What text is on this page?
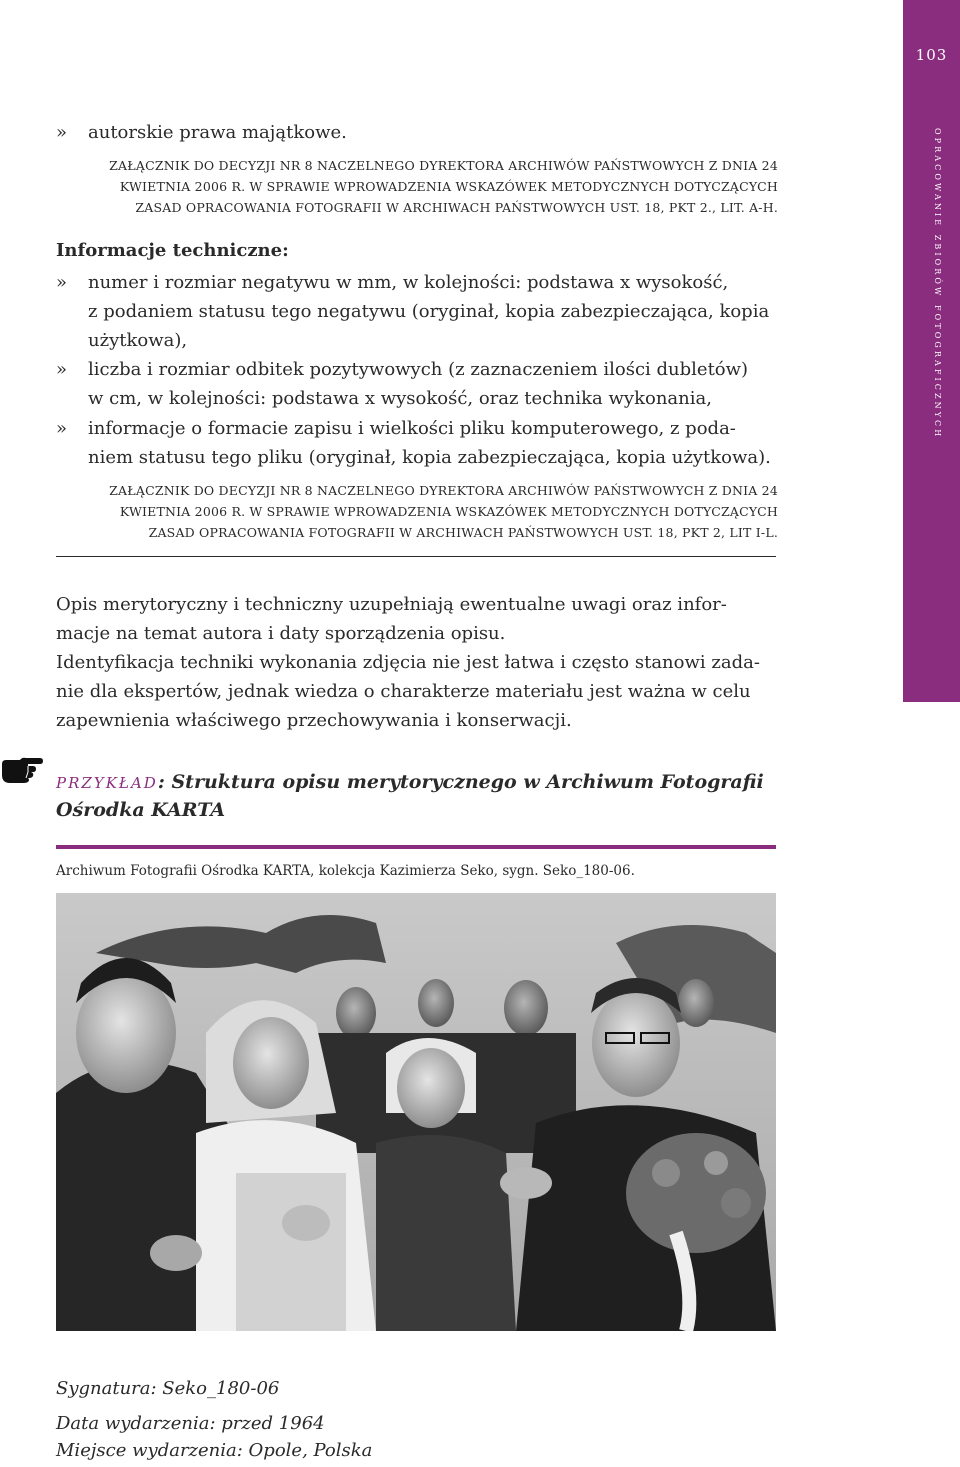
103
opracowanie zbiorów fotograficznych
» autorskie prawa majątkowe.
ZAŁĄCZNIK DO DECYZJI NR 8 NACZELNEGO DYREKTORA ARCHIWÓW PAŃSTWOWYCH Z DNIA 24
KWIETNIA 2006 R. W SPRAWIE WPROWADZENIA WSKAZÓWEK METODYCZNYCH DOTYCZĄCYCH
ZASAD OPRACOWANIA FOTOGRAFII W ARCHIWACH PAŃSTWOWYCH UST. 18, PKT 2., LIT. A-H.
Informacje techniczne:
» numer i rozmiar negatywu w mm, w kolejności: podstawa x wysokość,
z podaniem statusu tego negatywu (oryginał, kopia zabezpieczająca, kopia
użytkowa),
» liczba i rozmiar odbitek pozytywowych (z zaznaczeniem ilości dubletów)
w cm, w kolejności: podstawa x wysokość, oraz technika wykonania,
» informacje o formacie zapisu i wielkości pliku komputerowego, z poda-
niem statusu tego pliku (oryginał, kopia zabezpieczająca, kopia użytkowa).
ZAŁĄCZNIK DO DECYZJI NR 8 NACZELNEGO DYREKTORA ARCHIWÓW PAŃSTWOWYCH Z DNIA 24
KWIETNIA 2006 R. W SPRAWIE WPROWADZENIA WSKAZÓWEK METODYCZNYCH DOTYCZĄCYCH
ZASAD OPRACOWANIA FOTOGRAFII W ARCHIWACH PAŃSTWOWYCH UST. 18, PKT 2, LIT I-L.
Opis merytoryczny i techniczny uzupełniają ewentualne uwagi oraz infor-
macje na temat autora i daty sporządzenia opisu.
Identyfikacja techniki wykonania zdjęcia nie jest łatwa i często stanowi zada-
nie dla ekspertów, jednak wiedza o charakterze materiału jest ważna w celu
zapewnienia właściwego przechowywania i konserwacji.
PRZYKŁAD: Struktura opisu merytorycznego w Archiwum Fotografii
Ośrodka KARTA
Archiwum Fotografii Ośrodka KARTA, kolekcja Kazimierza Seko, sygn. Seko_180-06.
Sygnatura: Seko_180-06
Data wydarzenia: przed 1964
Miejsce wydarzenia: Opole, Polska
